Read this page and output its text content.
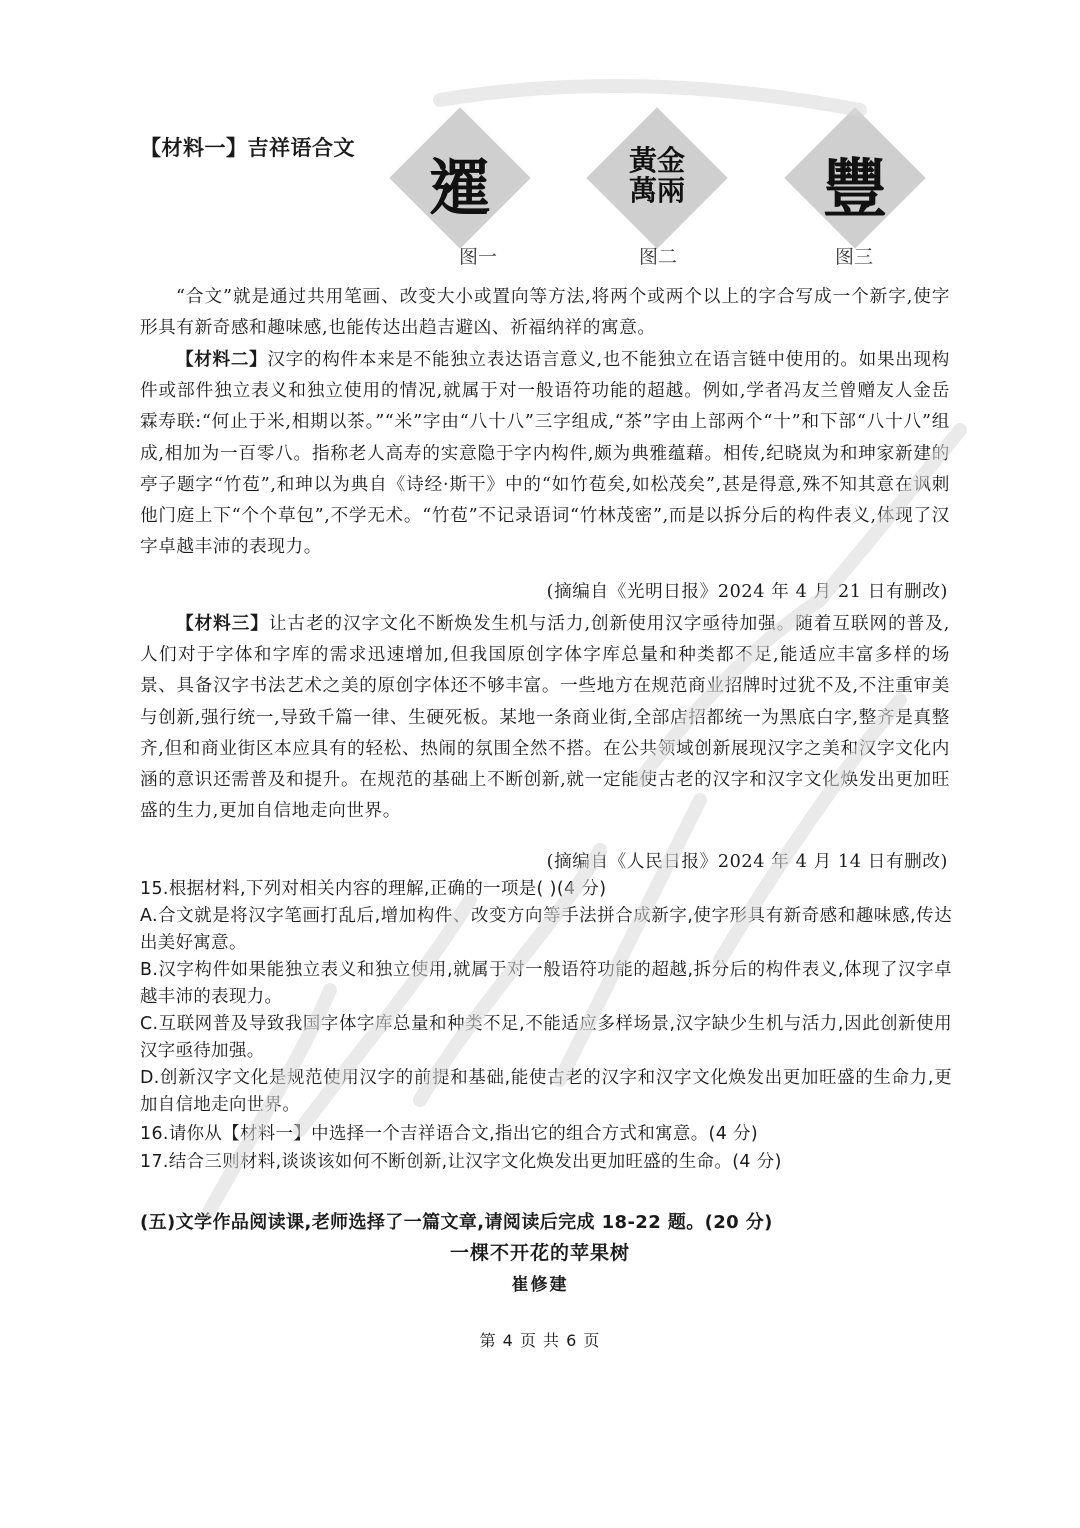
【材料一】吉祥语合文
𨗴	黃金萬兩	豐
图一	图二	图三
“合文”就是通过共用笔画、改变大小或置向等方法,将两个或两个以上的字合写成一个新字,使字形具有新奇感和趣味感,也能传达出趋吉避凶、祈福纳祥的寓意。
【材料二】汉字的构件本来是不能独立表达语言意义,也不能独立在语言链中使用的。如果出现构件或部件独立表义和独立使用的情况,就属于对一般语符功能的超越。例如,学者冯友兰曾赠友人金岳霖寿联:“何止于米,相期以茶。”“米”字由“八十八”三字组成,“茶”字由上部两个“十”和下部“八十八”组成,相加为一百零八。指称老人高寿的实意隐于字内构件,颇为典雅蕴藉。相传,纪晓岚为和珅家新建的亭子题字“竹苞”,和珅以为典自《诗经·斯干》中的“如竹苞矣,如松茂矣”,甚是得意,殊不知其意在讽刺他门庭上下“个个草包”,不学无术。“竹苞”不记录语词“竹林茂密”,而是以拆分后的构件表义,体现了汉字卓越丰沛的表现力。
(摘编自《光明日报》2024 年 4 月 21 日有删改)
【材料三】让古老的汉字文化不断焕发生机与活力,创新使用汉字亟待加强。随着互联网的普及,人们对于字体和字库的需求迅速增加,但我国原创字体字库总量和种类都不足,能适应丰富多样的场景、具备汉字书法艺术之美的原创字体还不够丰富。一些地方在规范商业招牌时过犹不及,不注重审美与创新,强行统一,导致千篇一律、生硬死板。某地一条商业街,全部店招都统一为黑底白字,整齐是真整齐,但和商业街区本应具有的轻松、热闹的氛围全然不搭。在公共领域创新展现汉字之美和汉字文化内涵的意识还需普及和提升。在规范的基础上不断创新,就一定能使古老的汉字和汉字文化焕发出更加旺盛的生力,更加自信地走向世界。
(摘编自《人民日报》2024 年 4 月 14 日有删改)
15.根据材料,下列对相关内容的理解,正确的一项是( )(4 分)
A.合文就是将汉字笔画打乱后,增加构件、改变方向等手法拼合成新字,使字形具有新奇感和趣味感,传达出美好寓意。
B.汉字构件如果能独立表义和独立使用,就属于对一般语符功能的超越,拆分后的构件表义,体现了汉字卓越丰沛的表现力。
C.互联网普及导致我国字体字库总量和种类不足,不能适应多样场景,汉字缺少生机与活力,因此创新使用汉字亟待加强。
D.创新汉字文化是规范使用汉字的前提和基础,能使古老的汉字和汉字文化焕发出更加旺盛的生命力,更加自信地走向世界。
16.请你从【材料一】中选择一个吉祥语合文,指出它的组合方式和寓意。(4 分)
17.结合三则材料,谈谈该如何不断创新,让汉字文化焕发出更加旺盛的生命。(4 分)
(五)文学作品阅读课,老师选择了一篇文章,请阅读后完成 18-22 题。(20 分)
一棵不开花的苹果树
崔修建
第 4 页 共 6 页
